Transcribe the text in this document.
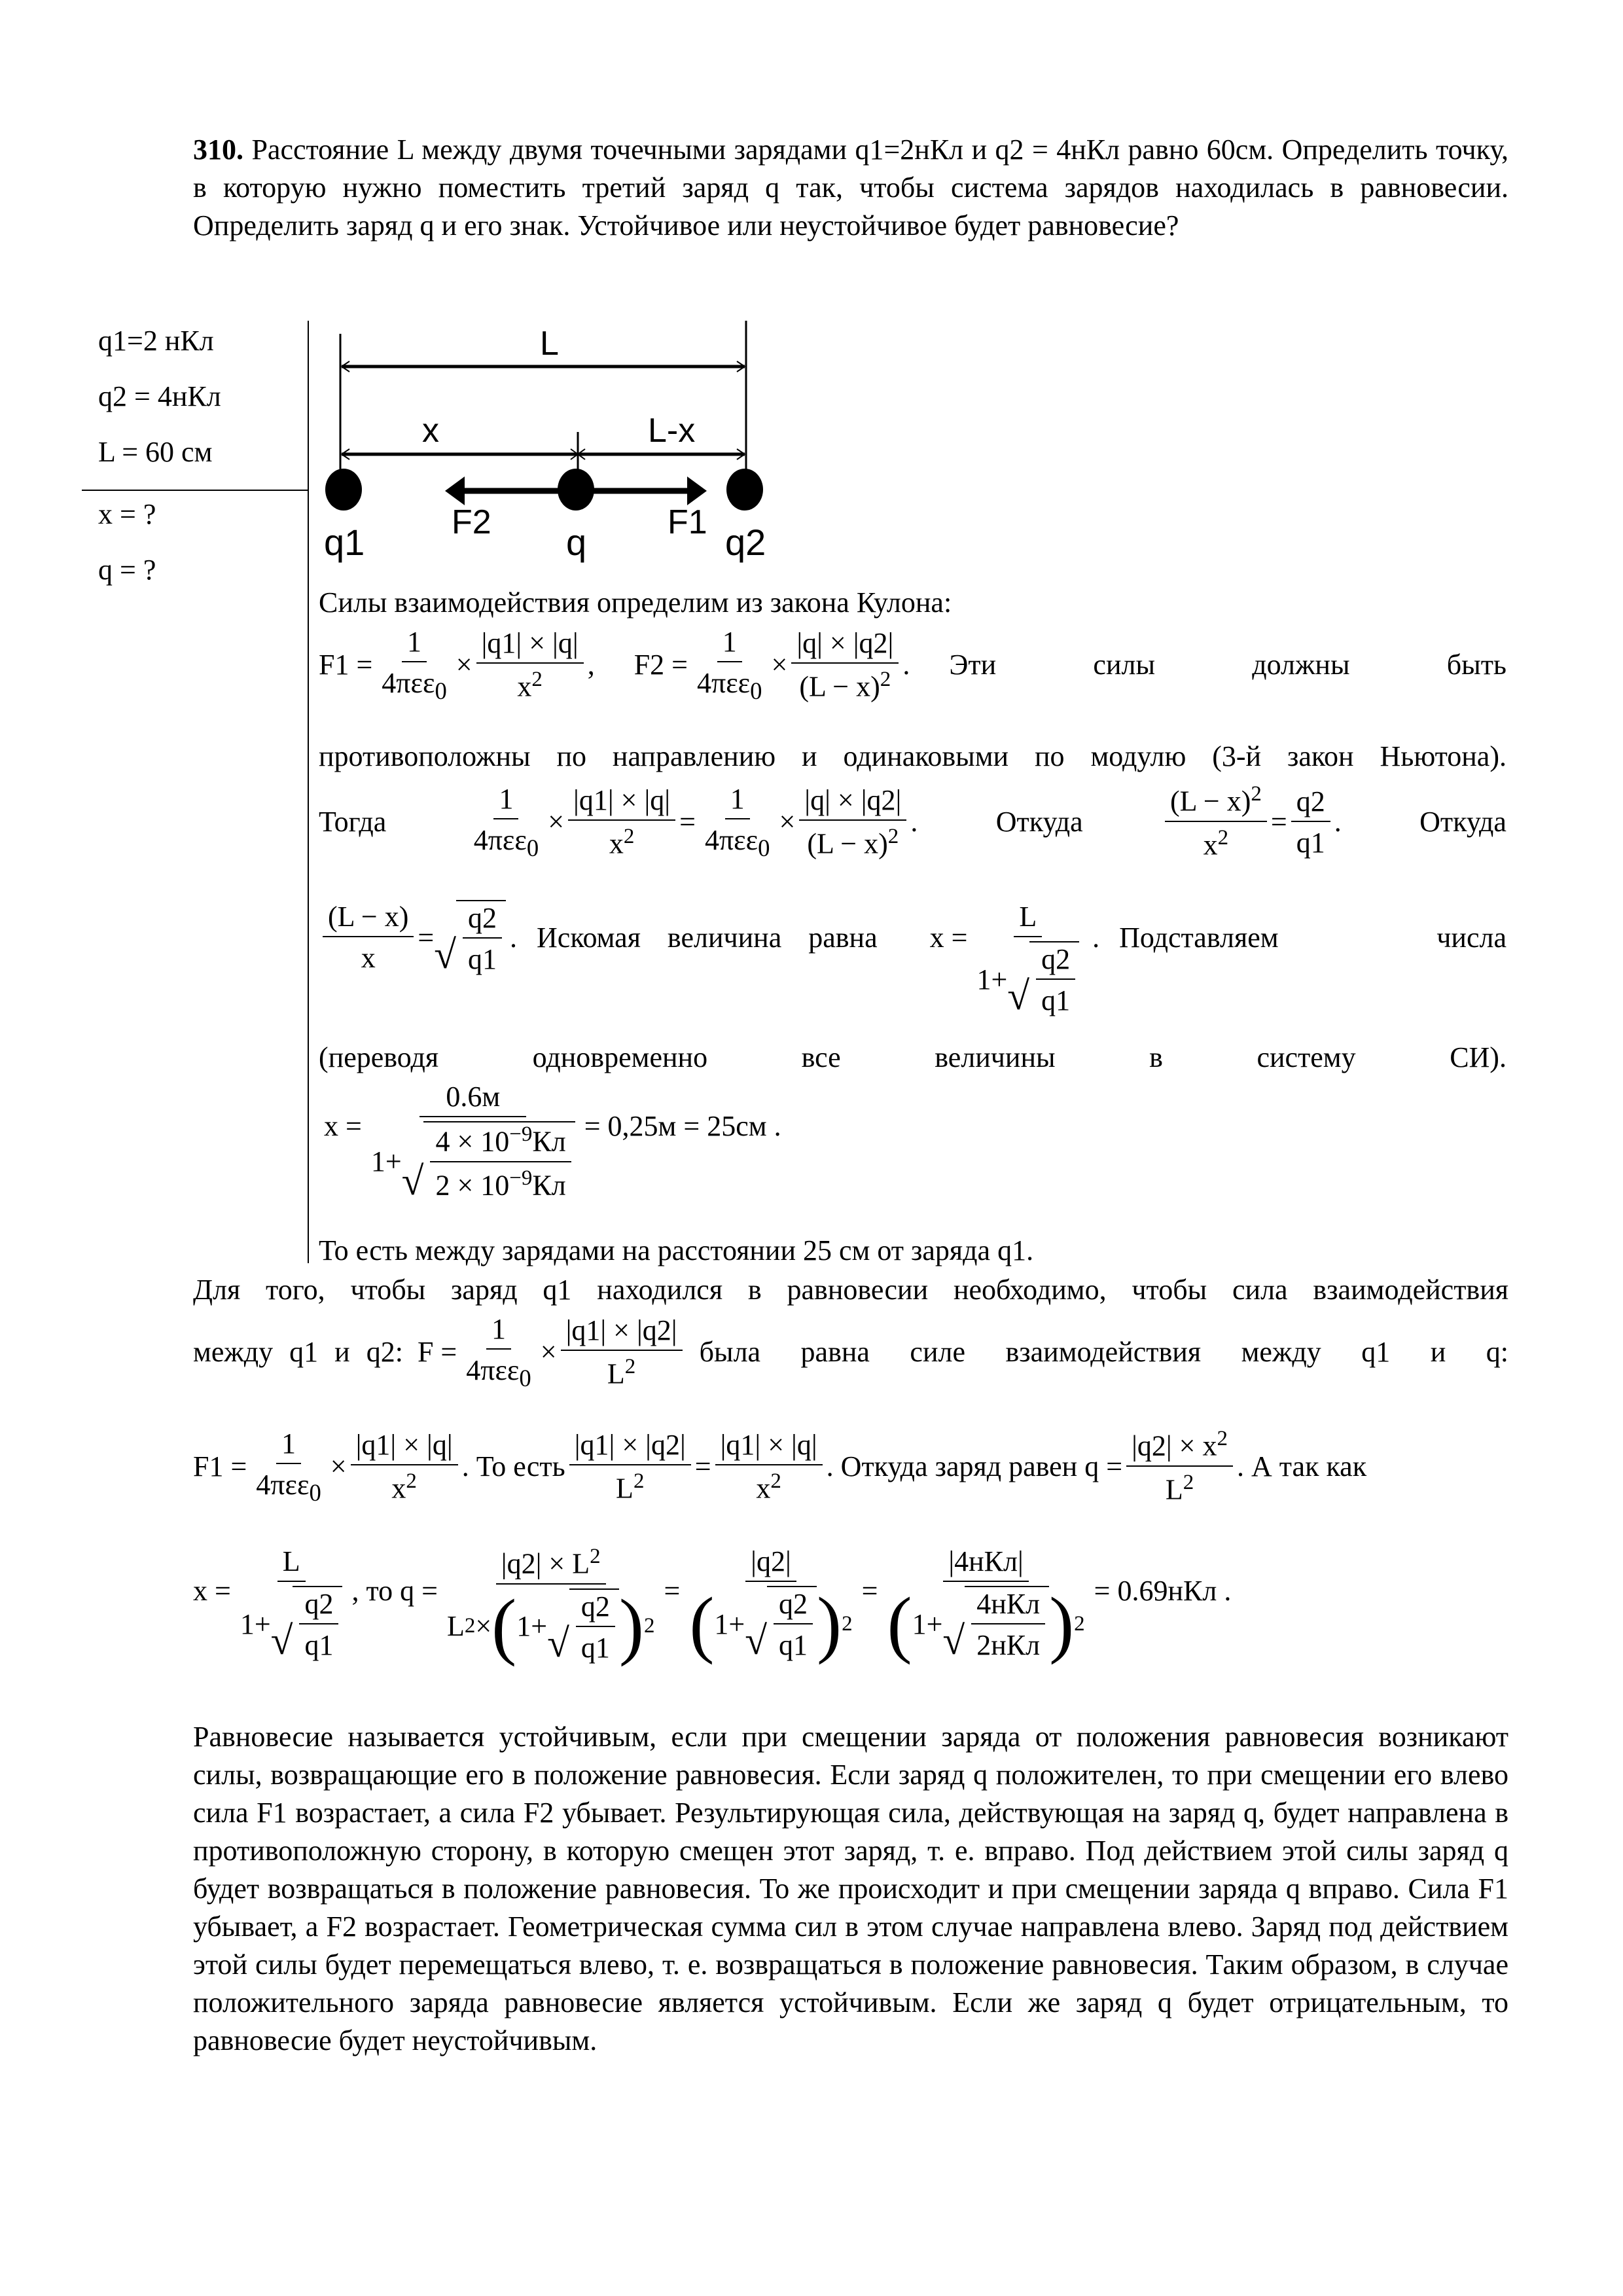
310. Расстояние L между двумя точечными зарядами q1=2нКл и q2 = 4нКл равно 60см. Определить точку, в которую нужно поместить третий заряд q так, чтобы система зарядов находилась в равновесии. Определить заряд q и его знак. Устойчивое или неустойчивое будет равновесие?
q1=2 нКл
q2 = 4нКл
L = 60 см
x = ?
q = ?
L
x	L-x
F2	F1
q1	q	q2
Силы взаимодействия определим из закона Кулона:
$F1 = \frac{1}{4\pi\varepsilon\varepsilon_0} \times \frac{|q1| \times |q|}{x^2}$ , $F2 = \frac{1}{4\pi\varepsilon\varepsilon_0} \times \frac{|q| \times |q2|}{(L - x)^2}$ . Эти силы должны быть
противоположны по направлению и одинаковыми по модулю (3-й закон Ньютона).
Тогда	$\frac{1}{4\pi\varepsilon\varepsilon_0} \times \frac{|q1| \times |q|}{x^2} = \frac{1}{4\pi\varepsilon\varepsilon_0} \times \frac{|q| \times |q2|}{(L - x)^2}$ .	Откуда	$\frac{(L - x)^2}{x^2} = \frac{q2}{q1}$ .	Откуда
$\frac{(L - x)}{x}$ = √ $\frac{q2}{q1}$ . Искомая величина равна $x = \frac{L}{1+ √ \frac{q2}{q1}}$ . Подставляем числа
(переводя	одновременно	все	величины	в	систему	СИ).
$x = \frac{0.6м}{1+ √ \frac{4 \times 10^{-9}Кл}{2 \times 10^{-9}Кл}} = 0,25м = 25см$ .
То есть между зарядами на расстоянии 25 см от заряда q1.
Для того, чтобы заряд q1 находился в равновесии необходимо, чтобы сила взаимодействия
между q1 и q2:
$F = \frac{1}{4\pi\varepsilon\varepsilon_0} \times \frac{|q1| \times |q2|}{L^2}$ была равна силе взаимодействия между q1 и q:
$F1 = \frac{1}{4\pi\varepsilon\varepsilon_0} \times \frac{|q1| \times |q|}{x^2}$ . То есть $\frac{|q1| \times |q2|}{L^2} = \frac{|q1| \times |q|}{x^2}$ . Откуда заряд равен
$q = \frac{|q2| \times x^2}{L^2}$ . А так как
$x = \frac{L}{1+ √ \frac{q2}{q1}}$ , то $q = \frac{|q2| \times L^2}{L 2 \times ( 1+ √ \frac{q2}{q1} ) 2} = \frac{|q2|}{( 1+ √ \frac{q2}{q1} ) 2} = \frac{\text{|4нКл|}}{( 1+ √ \frac{\text{4нКл}}{\text{2нКл}} ) 2} = 0.69нКл$ .
Равновесие называется устойчивым, если при смещении заряда от положения равновесия возникают силы, возвращающие его в положение равновесия. Если заряд q положителен, то при смещении его влево сила F1 возрастает, а сила F2 убывает. Результирующая сила, действующая на заряд q, будет направлена в противоположную сторону, в которую смещен этот заряд, т. е. вправо. Под действием этой силы заряд q будет возвращаться в положение равновесия. То же происходит и при смещении заряда q вправо. Сила F1 убывает, а F2 возрастает. Геометрическая сумма сил в этом случае направлена влево. Заряд под действием этой силы будет перемещаться влево, т. е. возвращаться в положение равновесия. Таким образом, в случае положительного заряда равновесие является устойчивым. Если же заряд q будет отрицательным, то равновесие будет неустойчивым.
